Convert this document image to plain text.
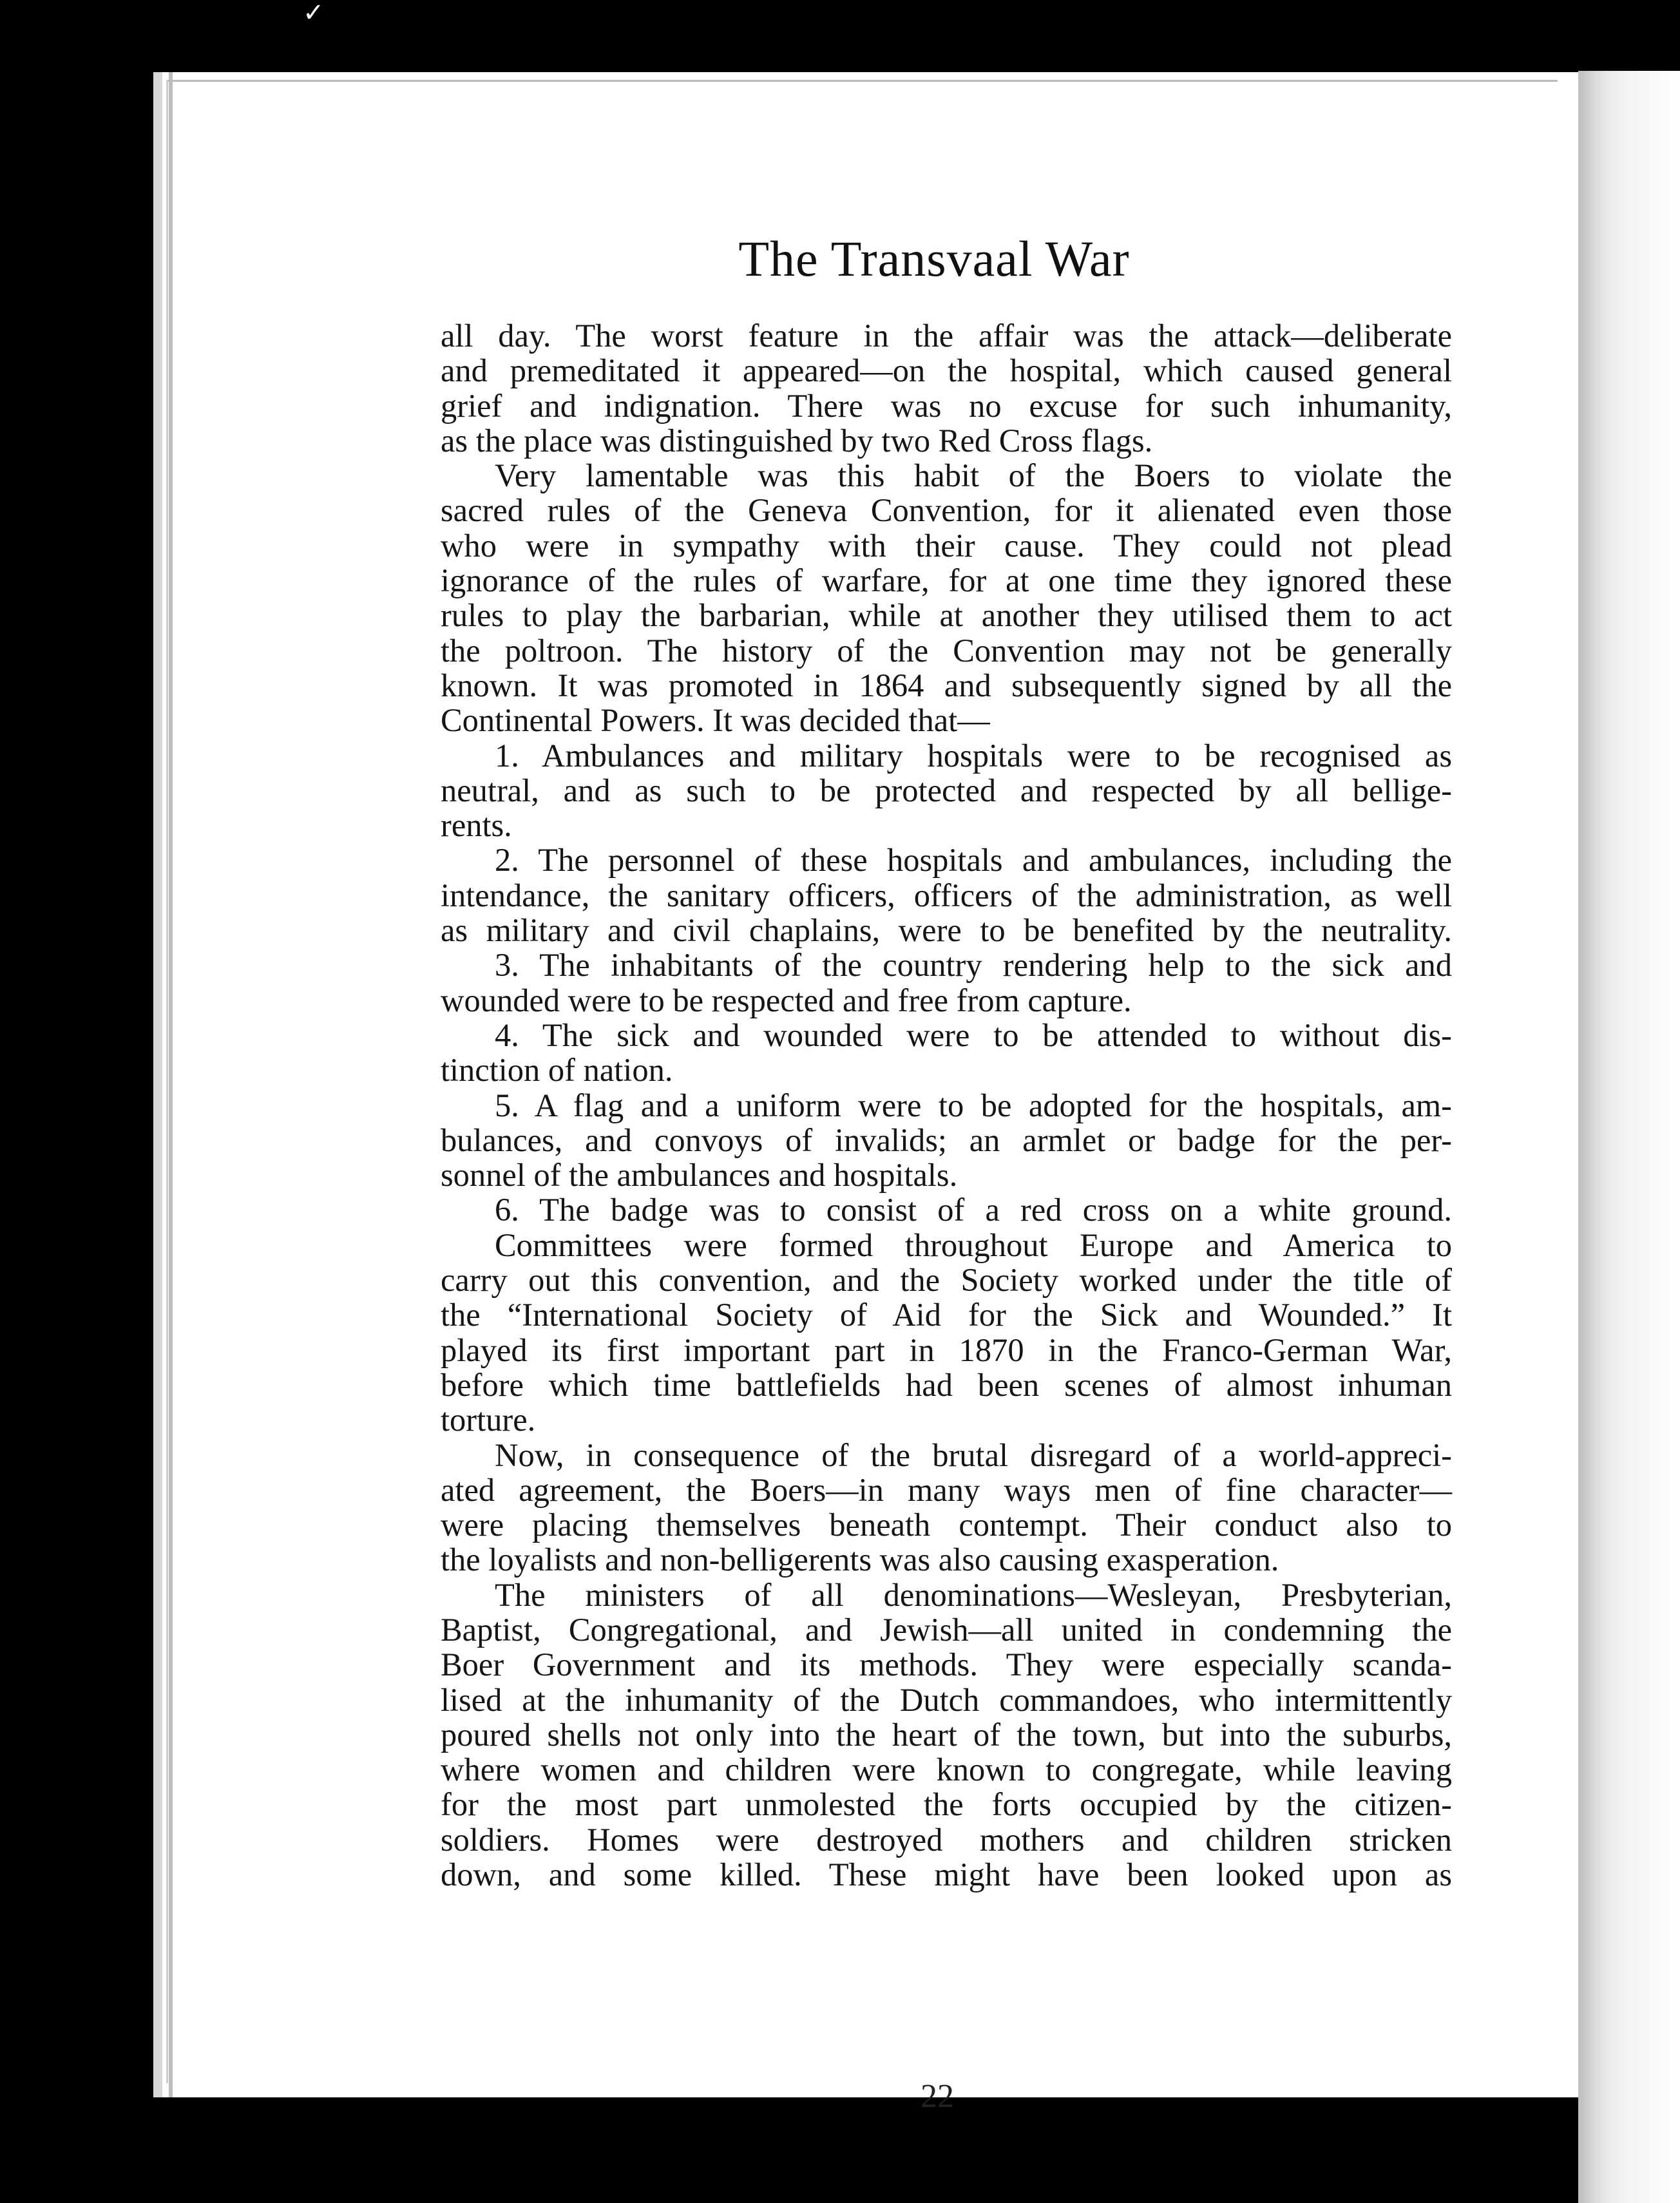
✓
The Transvaal War
all day. The worst feature in the affair was the attack—deliberate
and premeditated it appeared—on the hospital, which caused general
grief and indignation. There was no excuse for such inhumanity,
as the place was distinguished by two Red Cross flags.
Very lamentable was this habit of the Boers to violate the
sacred rules of the Geneva Convention, for it alienated even those
who were in sympathy with their cause. They could not plead
ignorance of the rules of warfare, for at one time they ignored these
rules to play the barbarian, while at another they utilised them to act
the poltroon. The history of the Convention may not be generally
known. It was promoted in 1864 and subsequently signed by all the
Continental Powers. It was decided that—
1. Ambulances and military hospitals were to be recognised as
neutral, and as such to be protected and respected by all bellige-
rents.
2. The personnel of these hospitals and ambulances, including the
intendance, the sanitary officers, officers of the administration, as well
as military and civil chaplains, were to be benefited by the neutrality.
3. The inhabitants of the country rendering help to the sick and
wounded were to be respected and free from capture.
4. The sick and wounded were to be attended to without dis-
tinction of nation.
5. A flag and a uniform were to be adopted for the hospitals, am-
bulances, and convoys of invalids; an armlet or badge for the per-
sonnel of the ambulances and hospitals.
6. The badge was to consist of a red cross on a white ground.
Committees were formed throughout Europe and America to
carry out this convention, and the Society worked under the title of
the “International Society of Aid for the Sick and Wounded.” It
played its first important part in 1870 in the Franco-German War,
before which time battlefields had been scenes of almost inhuman
torture.
Now, in consequence of the brutal disregard of a world-appreci-
ated agreement, the Boers—in many ways men of fine character—
were placing themselves beneath contempt. Their conduct also to
the loyalists and non-belligerents was also causing exasperation.
The ministers of all denominations—Wesleyan, Presbyterian,
Baptist, Congregational, and Jewish—all united in condemning the
Boer Government and its methods. They were especially scanda-
lised at the inhumanity of the Dutch commandoes, who intermittently
poured shells not only into the heart of the town, but into the suburbs,
where women and children were known to congregate, while leaving
for the most part unmolested the forts occupied by the citizen-
soldiers. Homes were destroyed mothers and children stricken
down, and some killed. These might have been looked upon as
22
